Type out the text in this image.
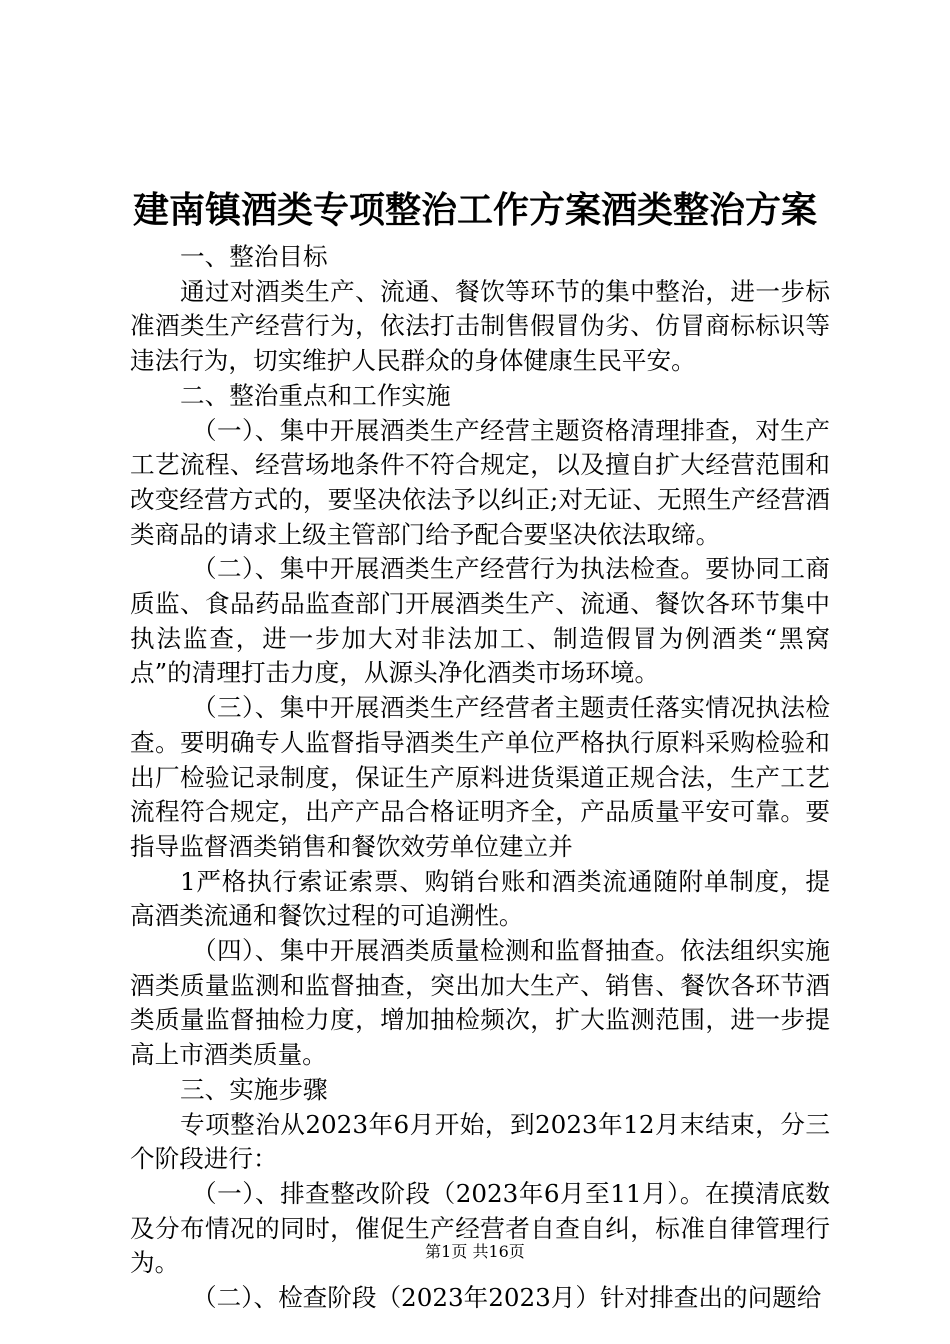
建南镇酒类专项整治工作方案酒类整治方案

一、整治目标

通过对酒类生产、流通、餐饮等环节的集中整治，进一步标准酒类生产经营行为，依法打击制售假冒伪劣、仿冒商标标识等违法行为，切实维护人民群众的身体健康生民平安。

二、整治重点和工作实施

（一）、集中开展酒类生产经营主题资格清理排查，对生产工艺流程、经营场地条件不符合规定，以及擅自扩大经营范围和改变经营方式的，要坚决依法予以纠正;对无证、无照生产经营酒类商品的请求上级主管部门给予配合要坚决依法取缔。

（二）、集中开展酒类生产经营行为执法检查。要协同工商质监、食品药品监查部门开展酒类生产、流通、餐饮各环节集中执法监查，进一步加大对非法加工、制造假冒为例酒类“黑窝点”的清理打击力度，从源头净化酒类市场环境。

（三）、集中开展酒类生产经营者主题责任落实情况执法检查。要明确专人监督指导酒类生产单位严格执行原料采购检验和出厂检验记录制度，保证生产原料进货渠道正规合法，生产工艺流程符合规定，出产产品合格证明齐全，产品质量平安可靠。要指导监督酒类销售和餐饮效劳单位建立并

1严格执行索证索票、购销台账和酒类流通随附单制度，提高酒类流通和餐饮过程的可追溯性。

（四）、集中开展酒类质量检测和监督抽查。依法组织实施酒类质量监测和监督抽查，突出加大生产、销售、餐饮各环节酒类质量监督抽检力度，增加抽检频次，扩大监测范围，进一步提高上市酒类质量。

三、实施步骤

专项整治从2023年6月开始，到2023年12月末结束，分三个阶段进行：

（一）、排查整改阶段（2023年6月至11月）。在摸清底数及分布情况的同时，催促生产经营者自查自纠，标准自律管理行为。

（二）、检查阶段（2023年2023月）针对排查出的问题给

第1页 共16页
